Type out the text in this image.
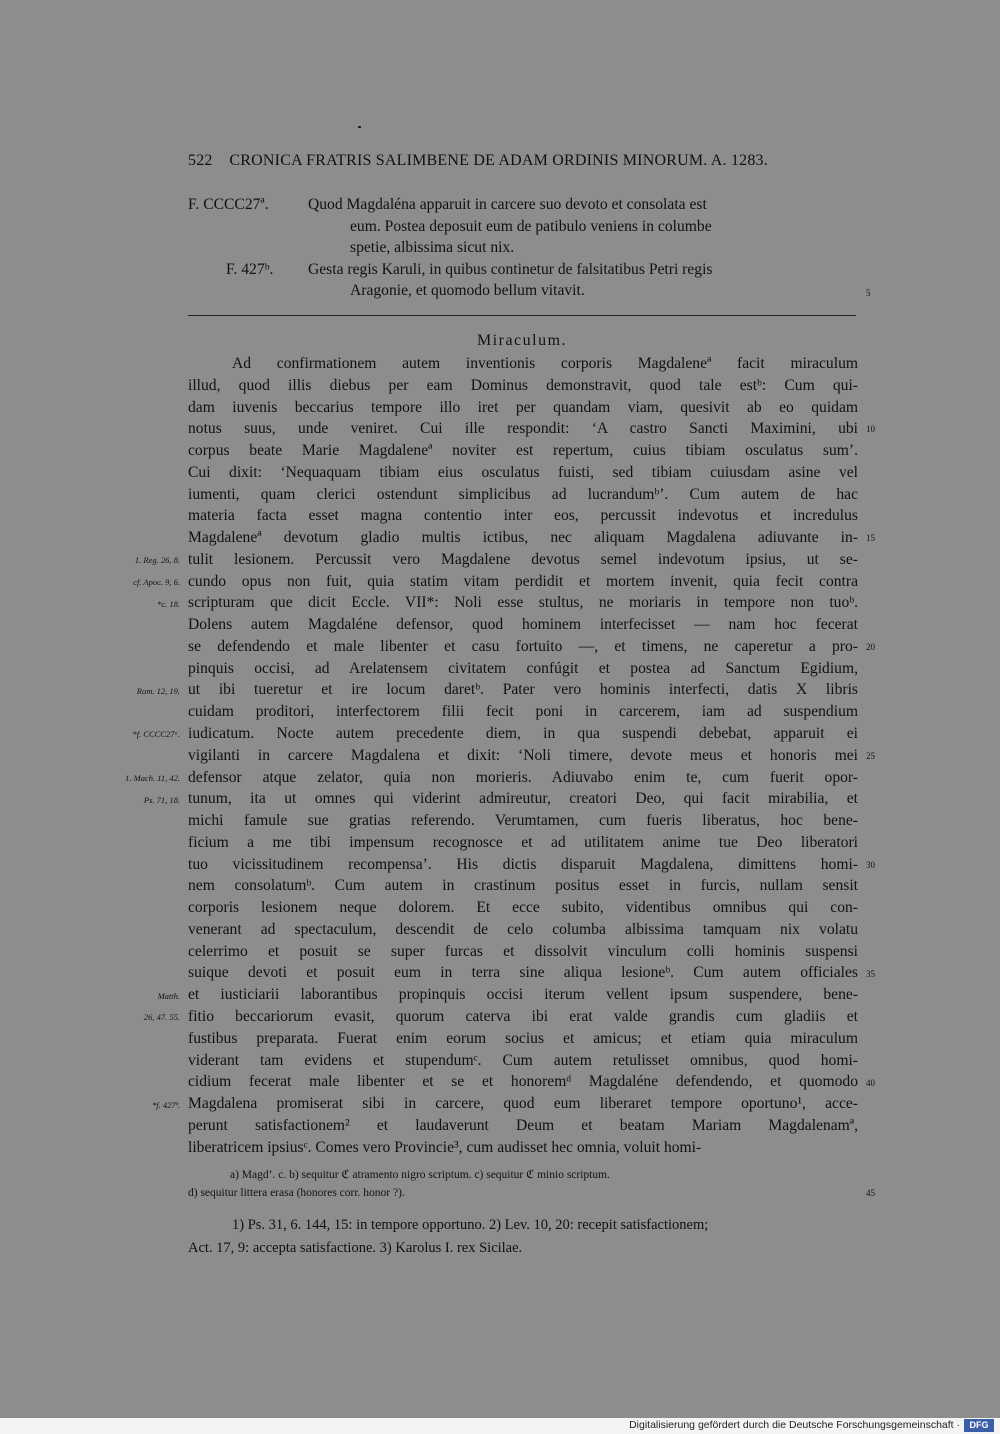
522 CRONICA FRATRIS SALIMBENE DE ADAM ORDINIS MINORUM. A. 1283.
F. CCCC27ª.	Quod Magdaléna apparuit in carcere suo devoto et consolata est
eum. Postea deposuit eum de patibulo veniens in columbe
spetie, albissima sicut nix.
F. 427ᵇ. Gesta regis Karuli, in quibus continetur de falsitatibus Petri regis
Aragonie, et quomodo bellum vitavit.	5
Miraculum.
Ad confirmationem autem inventionis corporis Magdaleneª facit miraculum
illud, quod illis diebus per eam Dominus demonstravit, quod tale estᵇ: Cum qui-
dam iuvenis beccarius tempore illo iret per quandam viam, quesivit ab eo quidam
notus suus, unde veniret. Cui ille respondit: ‘A castro Sancti Maximini, ubi
corpus beate Marie Magdaleneª noviter est repertum, cuius tibiam osculatus sum’.
Cui dixit: ‘Nequaquam tibiam eius osculatus fuisti, sed tibiam cuiusdam asine vel
iumenti, quam clerici ostendunt simplicibus ad lucrandumᵇ’. Cum autem de hac
materia facta esset magna contentio inter eos, percussit indevotus et incredulus
Magdaleneª devotum gladio multis ictibus, nec aliquam Magdalena adiuvante in-
tulit lesionem. Percussit vero Magdalene devotus semel indevotum ipsius, ut se-
cundo opus non fuit, quia statim vitam perdidit et mortem invenit, quia fecit contra
scripturam que dicit Eccle. VII*: Noli esse stultus, ne moriaris in tempore non tuoᵇ.
Dolens autem Magdaléne defensor, quod hominem interfecisset — nam hoc fecerat
se defendendo et male libenter et casu fortuito —, et timens, ne caperetur a pro-
pinquis occisi, ad Arelatensem civitatem confúgit et postea ad Sanctum Egidium,
ut ibi tueretur et ire locum daretᵇ. Pater vero hominis interfecti, datis X libris
cuidam proditori, interfectorem filii fecit poni in carcerem, iam ad suspendium
iudicatum. Nocte autem precedente diem, in qua suspendi debebat, apparuit ei
vigilanti in carcere Magdalena et dixit: ‘Noli timere, devote meus et honoris mei
defensor atque zelator, quia non morieris. Adiuvabo enim te, cum fuerit opor-
tunum, ita ut omnes qui viderint admireutur, creatori Deo, qui facit mirabilia, et
michi famule sue gratias referendo. Verumtamen, cum fueris liberatus, hoc bene-
ficium a me tibi impensum recognosce et ad utilitatem anime tue Deo liberatori
tuo vicissitudinem recompensa’. His dictis disparuit Magdalena, dimittens homi-
nem consolatumᵇ. Cum autem in crastinum positus esset in furcis, nullam sensit
corporis lesionem neque dolorem. Et ecce subito, videntibus omnibus qui con-
venerant ad spectaculum, descendit de celo columba albissima tamquam nix volatu
celerrimo et posuit se super furcas et dissolvit vinculum colli hominis suspensi
suique devoti et posuit eum in terra sine aliqua lesioneᵇ. Cum autem officiales
et iusticiarii laborantibus propinquis occisi iterum vellent ipsum suspendere, bene-
fitio beccariorum evasit, quorum caterva ibi erat valde grandis cum gladiis et
fustibus preparata. Fuerat enim eorum socius et amicus; et etiam quia miraculum
viderant tam evidens et stupendumᶜ. Cum autem retulisset omnibus, quod homi-
cidium fecerat male libenter et se et honoremᵈ Magdaléne defendendo, et quomodo
Magdalena promiserat sibi in carcere, quod eum liberaret tempore oportuno¹, acce-
perunt satisfactionem² et laudaverunt Deum et beatam Mariam Magdalenamª,
liberatricem ipsiusᶜ. Comes vero Provincie³, cum audisset hec omnia, voluit homi-
10
15
20
25
30
35
40
1. Reg. 26, 8.
cf. Apoc. 9, 6.
*c. 18.
Rom. 12, 19.
*f. CCCC27ᵃ.
1. Mach. 11, 42.
Ps. 71, 18.
Matth.
26, 47. 55.
*f. 427ᵇ.
a) Magd’. c. b) sequitur ℭ atramento nigro scriptum. c) sequitur ℭ minio scriptum.
d) sequitur littera erasa (honores corr. honor ?).	45
1) Ps. 31, 6. 144, 15: in tempore opportuno. 2) Lev. 10, 20: recepit satisfactionem;
Act. 17, 9: accepta satisfactione. 3) Karolus I. rex Sicilae.
Digitalisierung gefördert durch die Deutsche Forschungsgemeinschaft ·	DFG
